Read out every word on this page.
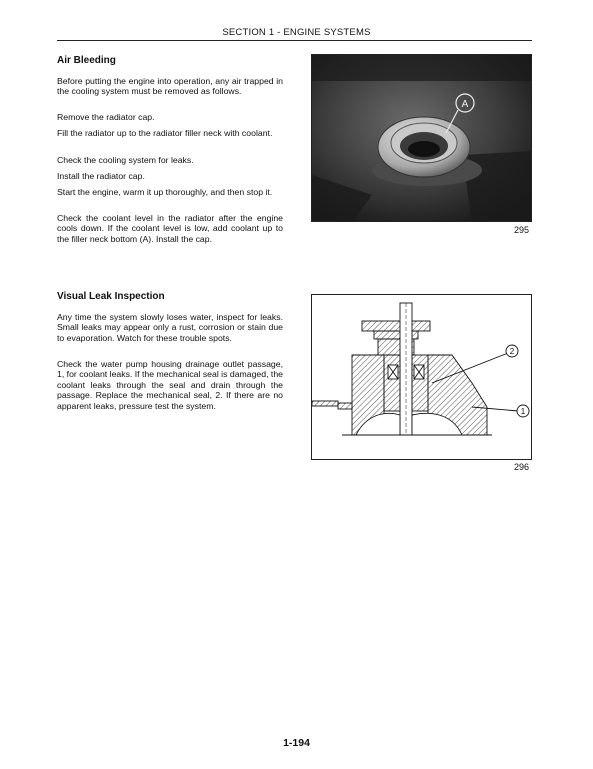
SECTION 1 - ENGINE SYSTEMS
Air Bleeding
Before putting the engine into operation, any air trapped in the cooling system must be removed as follows.
Remove the radiator cap.
Fill the radiator up to the radiator filler neck with coolant.
Check the cooling system for leaks.
Install the radiator cap.
Start the engine, warm it up thoroughly, and then stop it.
Check the coolant level in the radiator after the engine cools down. If the coolant level is low, add coolant up to the filler neck bottom (A). Install the cap.
A
295
Visual Leak Inspection
Any time the system slowly loses water, inspect for leaks. Small leaks may appear only a rust, corrosion or stain due to evaporation. Watch for these trouble spots.
Check the water pump housing drainage outlet passage, 1, for coolant leaks. If the mechanical seal is damaged, the coolant leaks through the seal and drain through the passage. Replace the mechanical seal, 2. If there are no apparent leaks, pressure test the system.
2
1
296
1-194
